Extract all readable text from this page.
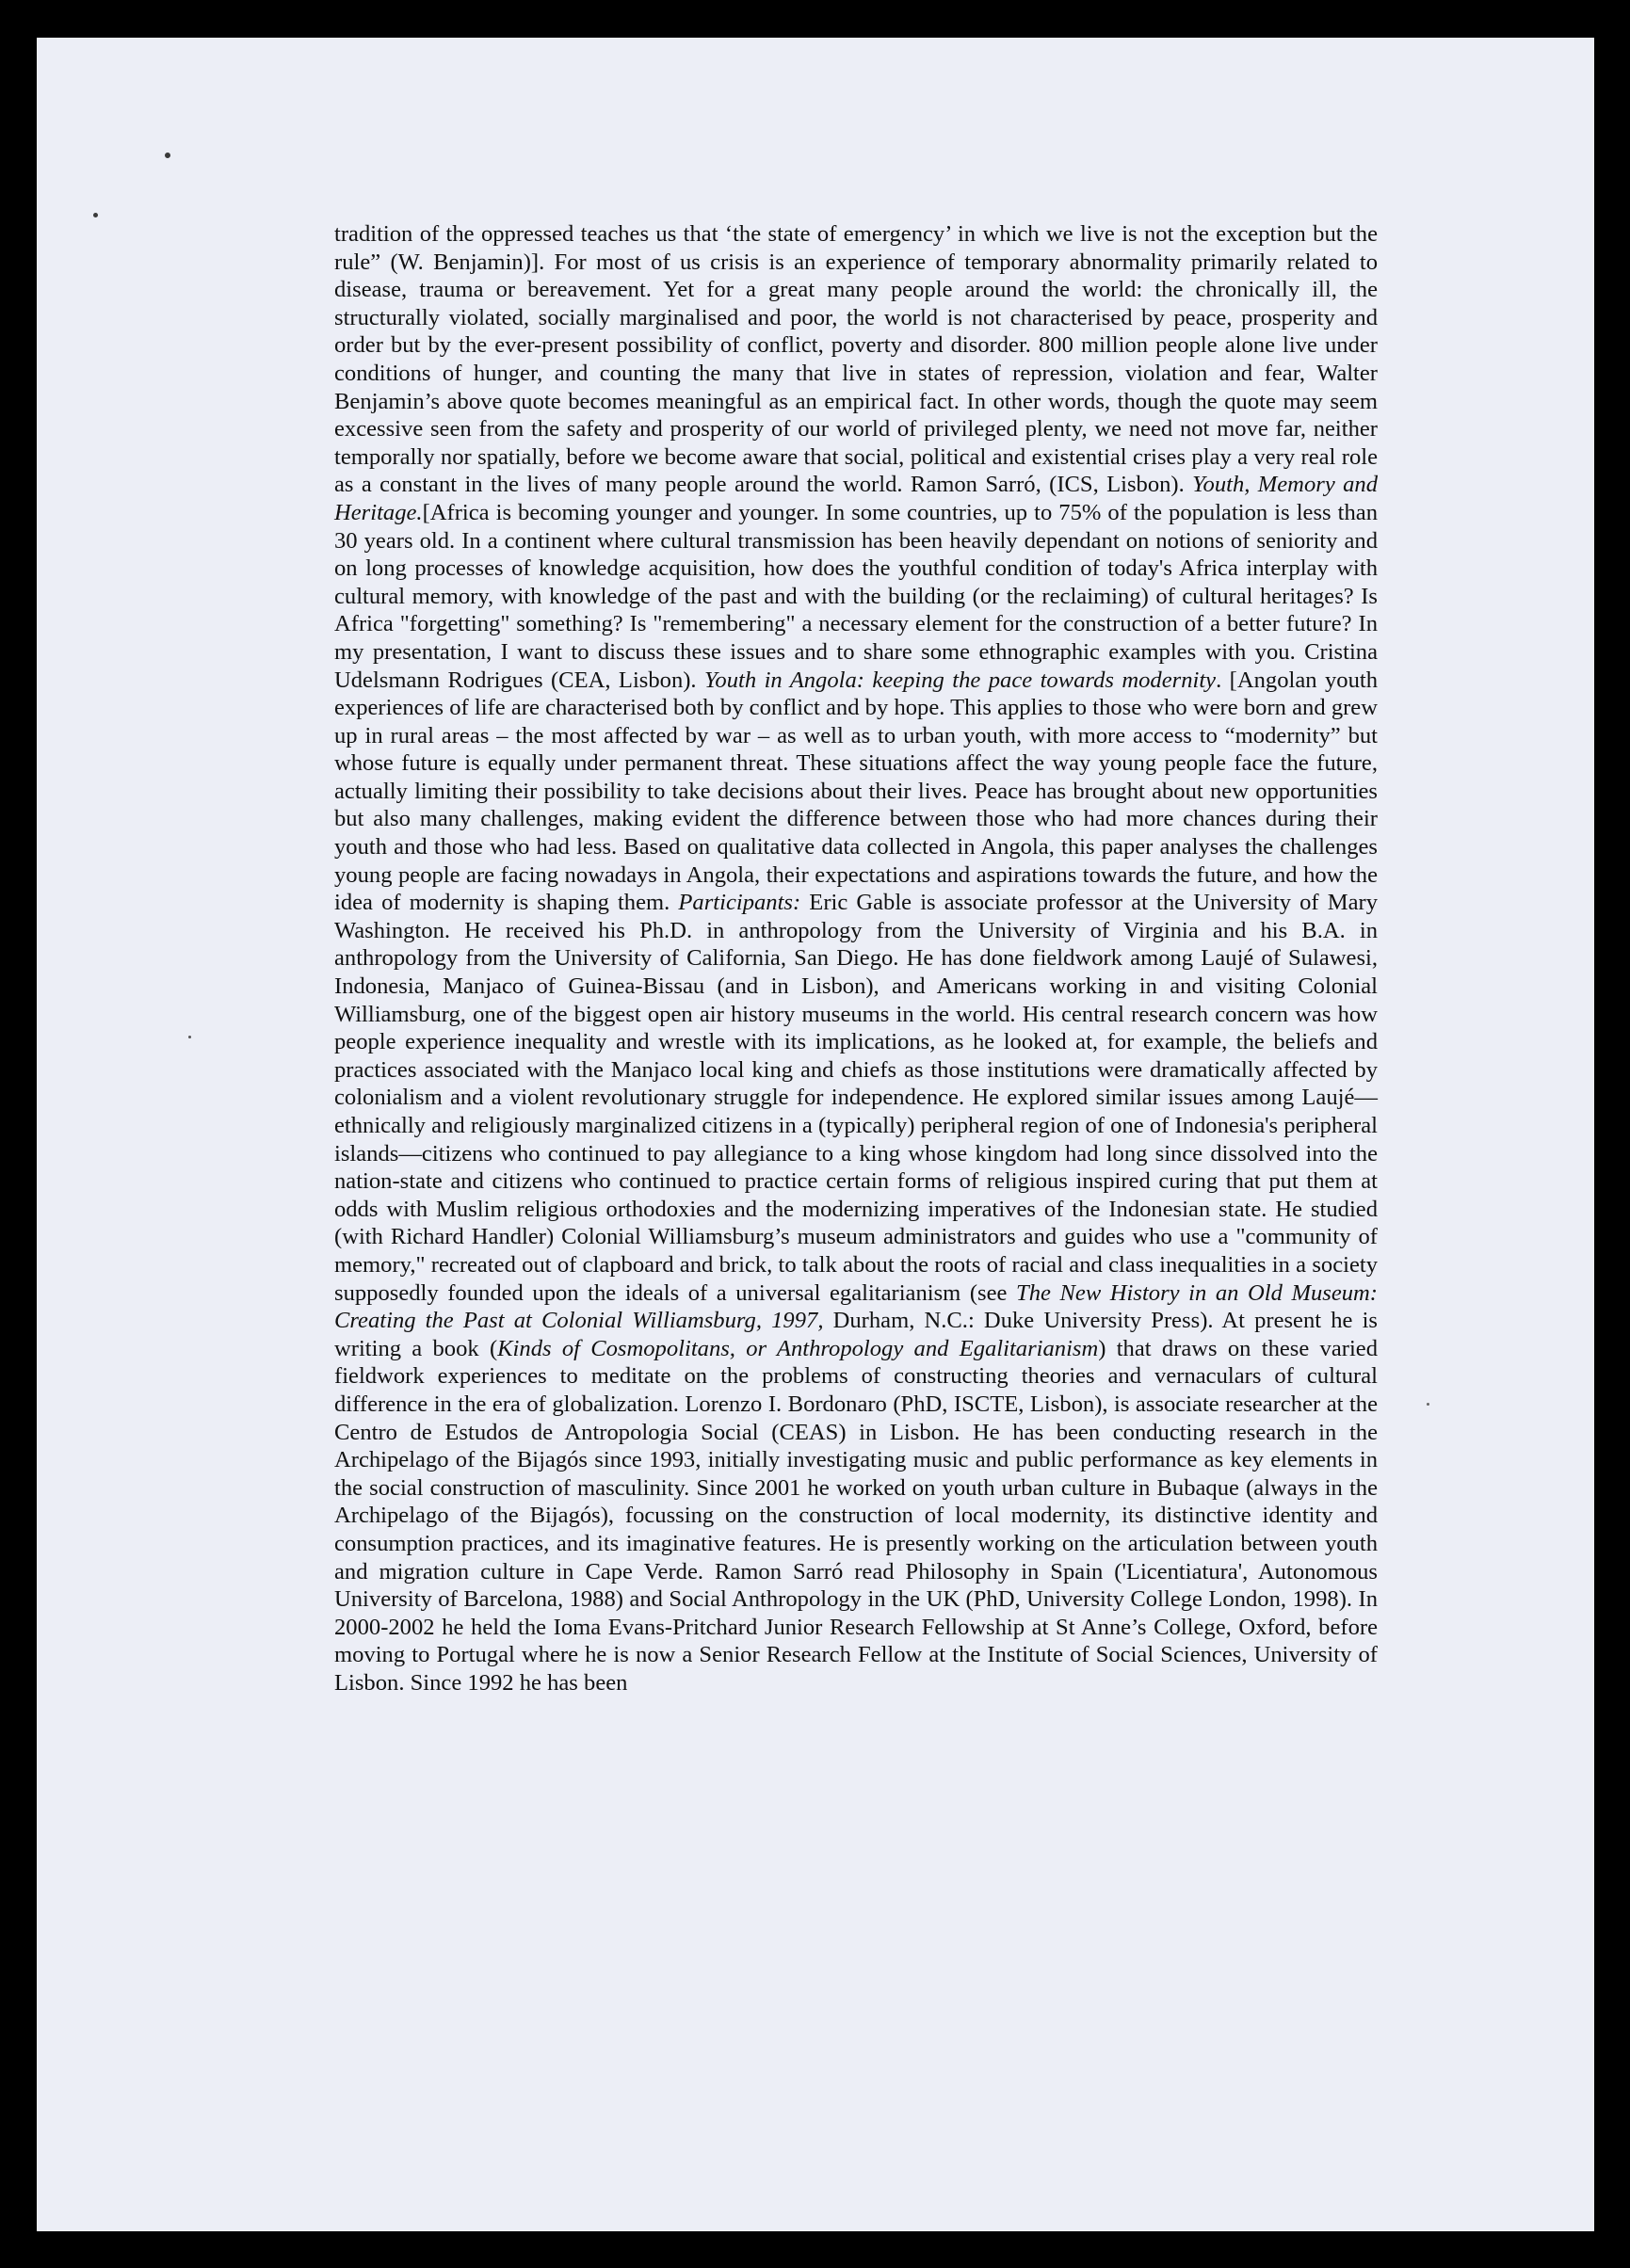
tradition of the oppressed teaches us that ‘the state of emergency’ in which we live is not the exception but the rule” (W. Benjamin)]. For most of us crisis is an experience of temporary abnormality primarily related to disease, trauma or bereavement. Yet for a great many people around the world: the chronically ill, the structurally violated, socially marginalised and poor, the world is not characterised by peace, prosperity and order but by the ever-present possibility of conflict, poverty and disorder. 800 million people alone live under conditions of hunger, and counting the many that live in states of repression, violation and fear, Walter Benjamin’s above quote becomes meaningful as an empirical fact. In other words, though the quote may seem excessive seen from the safety and prosperity of our world of privileged plenty, we need not move far, neither temporally nor spatially, before we become aware that social, political and existential crises play a very real role as a constant in the lives of many people around the world. Ramon Sarró, (ICS, Lisbon). Youth, Memory and Heritage.[Africa is becoming younger and younger. In some countries, up to 75% of the population is less than 30 years old. In a continent where cultural transmission has been heavily dependant on notions of seniority and on long processes of knowledge acquisition, how does the youthful condition of today's Africa interplay with cultural memory, with knowledge of the past and with the building (or the reclaiming) of cultural heritages? Is Africa "forgetting" something? Is "remembering" a necessary element for the construction of a better future? In my presentation, I want to discuss these issues and to share some ethnographic examples with you. Cristina Udelsmann Rodrigues (CEA, Lisbon). Youth in Angola: keeping the pace towards modernity. [Angolan youth experiences of life are characterised both by conflict and by hope. This applies to those who were born and grew up in rural areas – the most affected by war – as well as to urban youth, with more access to “modernity” but whose future is equally under permanent threat. These situations affect the way young people face the future, actually limiting their possibility to take decisions about their lives. Peace has brought about new opportunities but also many challenges, making evident the difference between those who had more chances during their youth and those who had less. Based on qualitative data collected in Angola, this paper analyses the challenges young people are facing nowadays in Angola, their expectations and aspirations towards the future, and how the idea of modernity is shaping them. Participants: Eric Gable is associate professor at the University of Mary Washington. He received his Ph.D. in anthropology from the University of Virginia and his B.A. in anthropology from the University of California, San Diego. He has done fieldwork among Laujé of Sulawesi, Indonesia, Manjaco of Guinea-Bissau (and in Lisbon), and Americans working in and visiting Colonial Williamsburg, one of the biggest open air history museums in the world. His central research concern was how people experience inequality and wrestle with its implications, as he looked at, for example, the beliefs and practices associated with the Manjaco local king and chiefs as those institutions were dramatically affected by colonialism and a violent revolutionary struggle for independence. He explored similar issues among Laujé—ethnically and religiously marginalized citizens in a (typically) peripheral region of one of Indonesia's peripheral islands—citizens who continued to pay allegiance to a king whose kingdom had long since dissolved into the nation-state and citizens who continued to practice certain forms of religious inspired curing that put them at odds with Muslim religious orthodoxies and the modernizing imperatives of the Indonesian state. He studied (with Richard Handler) Colonial Williamsburg’s museum administrators and guides who use a "community of memory," recreated out of clapboard and brick, to talk about the roots of racial and class inequalities in a society supposedly founded upon the ideals of a universal egalitarianism (see The New History in an Old Museum: Creating the Past at Colonial Williamsburg, 1997, Durham, N.C.: Duke University Press). At present he is writing a book (Kinds of Cosmopolitans, or Anthropology and Egalitarianism) that draws on these varied fieldwork experiences to meditate on the problems of constructing theories and vernaculars of cultural difference in the era of globalization. Lorenzo I. Bordonaro (PhD, ISCTE, Lisbon), is associate researcher at the Centro de Estudos de Antropologia Social (CEAS) in Lisbon. He has been conducting research in the Archipelago of the Bijagós since 1993, initially investigating music and public performance as key elements in the social construction of masculinity. Since 2001 he worked on youth urban culture in Bubaque (always in the Archipelago of the Bijagós), focussing on the construction of local modernity, its distinctive identity and consumption practices, and its imaginative features. He is presently working on the articulation between youth and migration culture in Cape Verde. Ramon Sarró read Philosophy in Spain ('Licentiatura', Autonomous University of Barcelona, 1988) and Social Anthropology in the UK (PhD, University College London, 1998). In 2000-2002 he held the Ioma Evans-Pritchard Junior Research Fellowship at St Anne’s College, Oxford, before moving to Portugal where he is now a Senior Research Fellow at the Institute of Social Sciences, University of Lisbon. Since 1992 he has been
